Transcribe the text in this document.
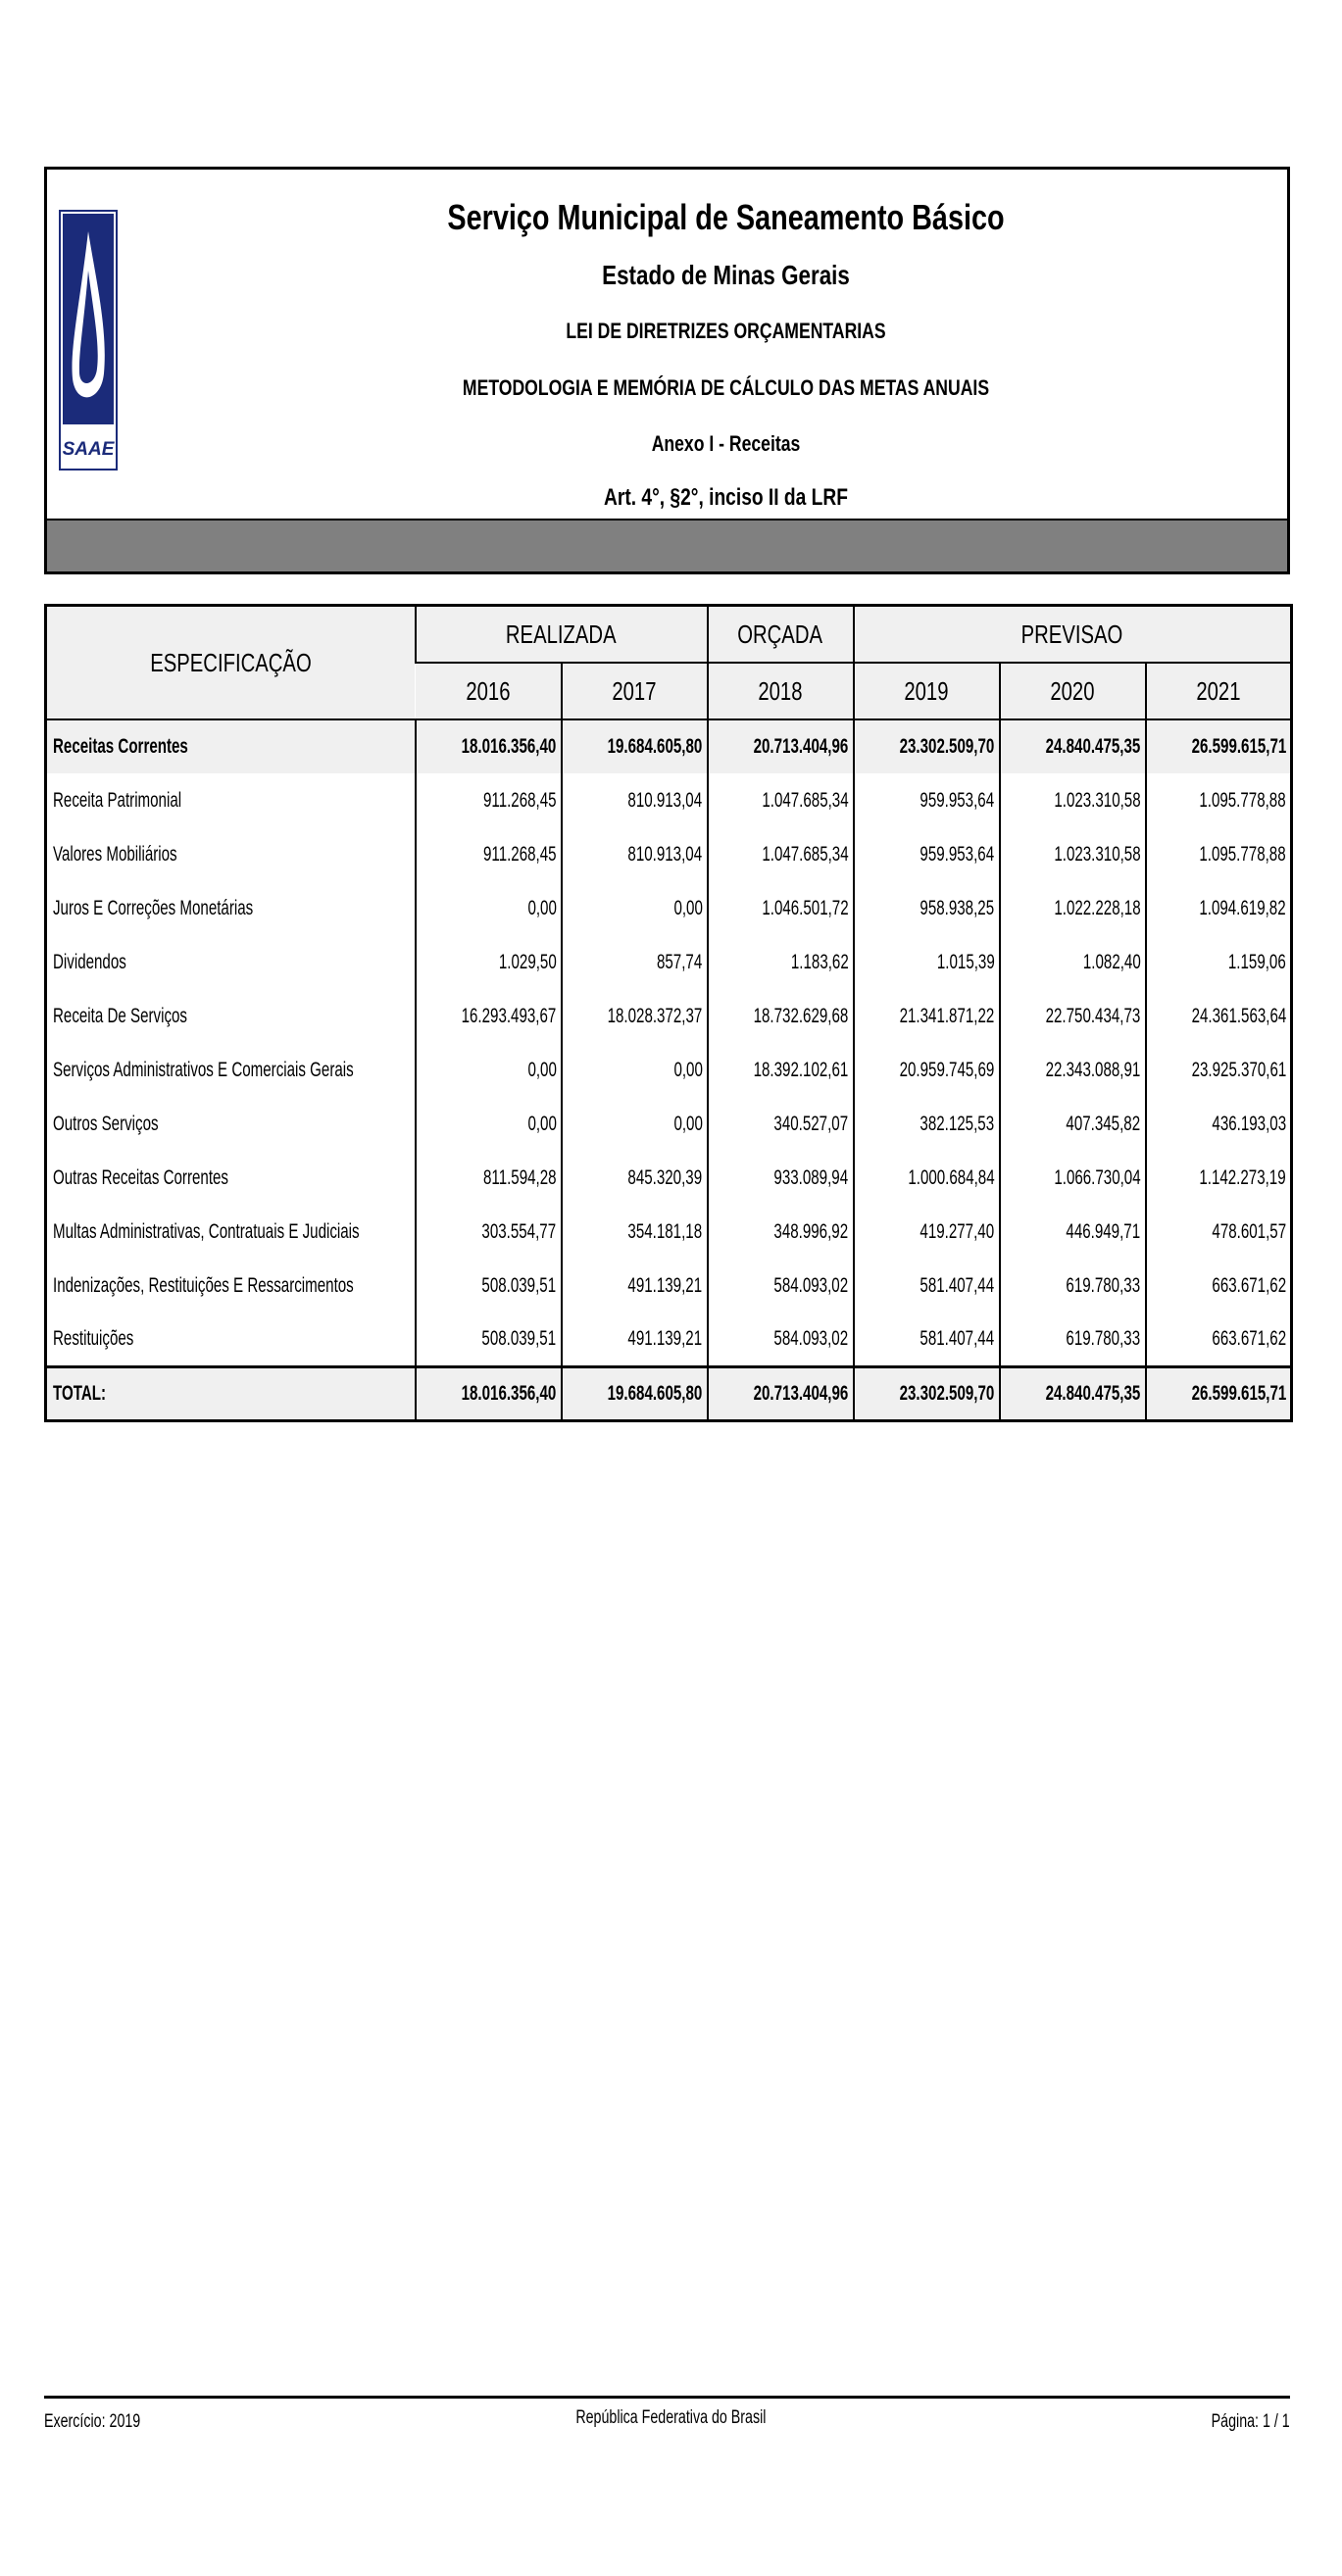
SAAE
Serviço Municipal de Saneamento Básico
Estado de Minas Gerais
LEI DE DIRETRIZES ORÇAMENTARIAS
METODOLOGIA E MEMÓRIA DE CÁLCULO DAS METAS ANUAIS
Anexo I - Receitas
Art. 4°, §2°, inciso II da LRF
ESPECIFICAÇÃO	REALIZADA		ORÇADA	PREVISAO		
	2016	2017	2018	2019	2020	2021
Receitas Correntes	18.016.356,40	19.684.605,80	20.713.404,96	23.302.509,70	24.840.475,35	26.599.615,71
Receita Patrimonial	911.268,45	810.913,04	1.047.685,34	959.953,64	1.023.310,58	1.095.778,88
Valores Mobiliários	911.268,45	810.913,04	1.047.685,34	959.953,64	1.023.310,58	1.095.778,88
Juros E Correções Monetárias	0,00	0,00	1.046.501,72	958.938,25	1.022.228,18	1.094.619,82
Dividendos	1.029,50	857,74	1.183,62	1.015,39	1.082,40	1.159,06
Receita De Serviços	16.293.493,67	18.028.372,37	18.732.629,68	21.341.871,22	22.750.434,73	24.361.563,64
Serviços Administrativos E Comerciais Gerais	0,00	0,00	18.392.102,61	20.959.745,69	22.343.088,91	23.925.370,61
Outros Serviços	0,00	0,00	340.527,07	382.125,53	407.345,82	436.193,03
Outras Receitas Correntes	811.594,28	845.320,39	933.089,94	1.000.684,84	1.066.730,04	1.142.273,19
Multas Administrativas, Contratuais E Judiciais	303.554,77	354.181,18	348.996,92	419.277,40	446.949,71	478.601,57
Indenizações, Restituições E Ressarcimentos	508.039,51	491.139,21	584.093,02	581.407,44	619.780,33	663.671,62
Restituições	508.039,51	491.139,21	584.093,02	581.407,44	619.780,33	663.671,62
TOTAL:	18.016.356,40	19.684.605,80	20.713.404,96	23.302.509,70	24.840.475,35	26.599.615,71
Exercício: 2019	República Federativa do Brasil	Página: 1 / 1
